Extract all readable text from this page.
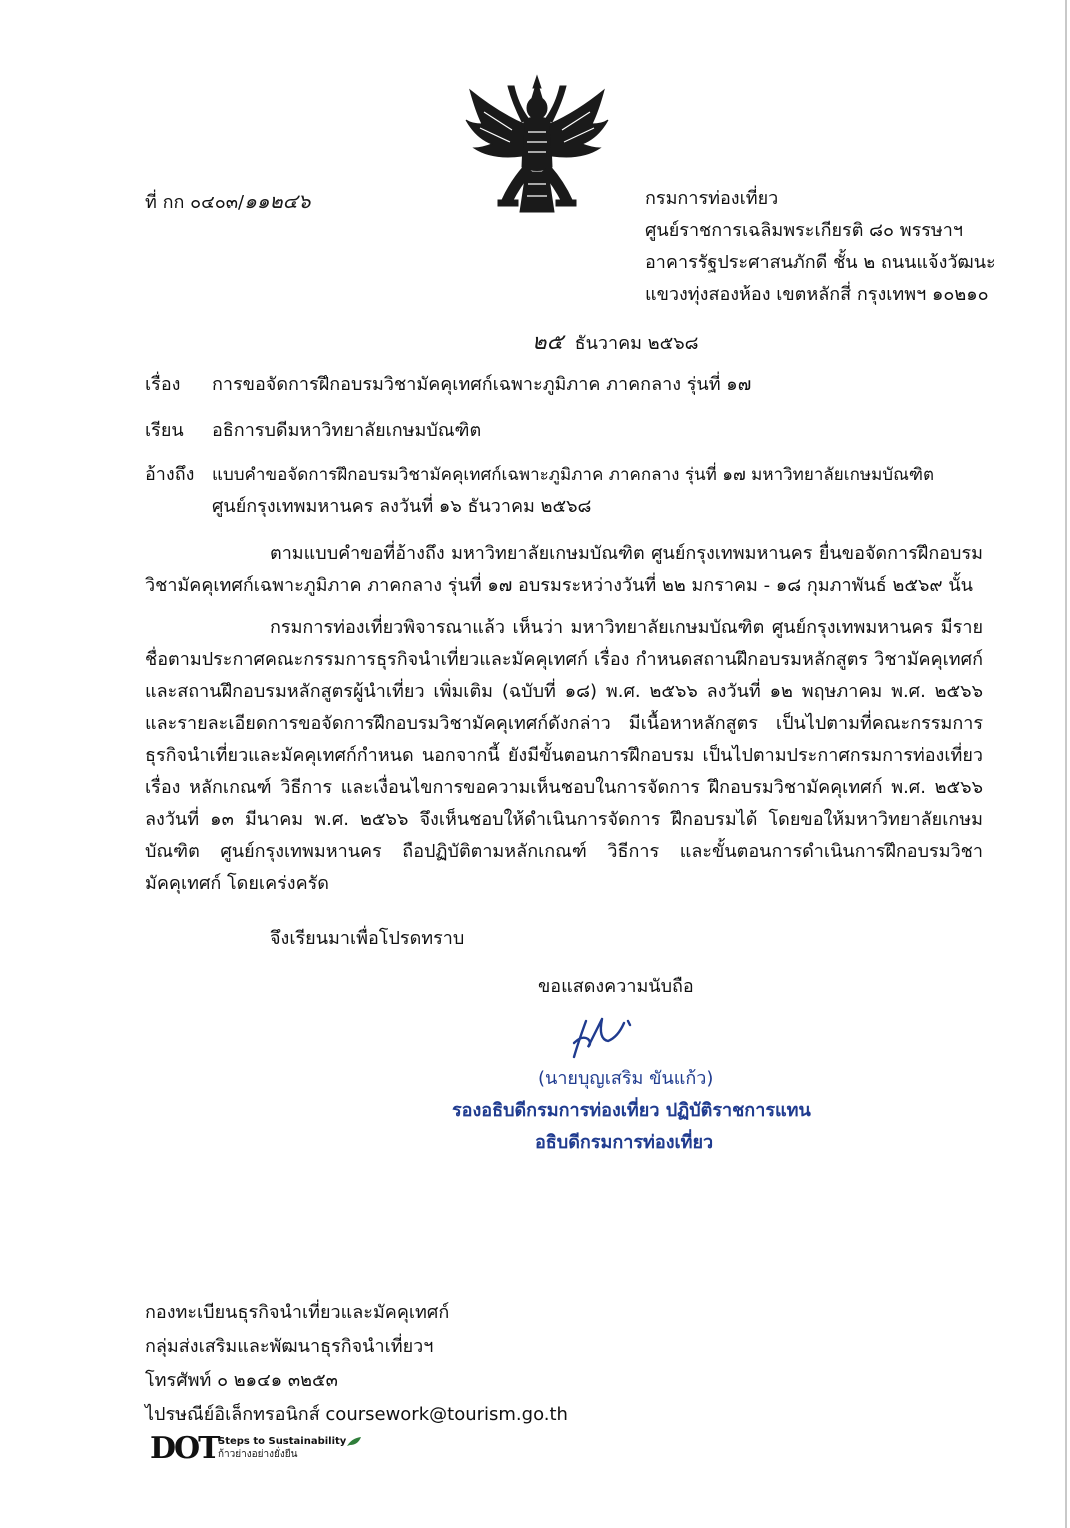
ที่ กก ๐๔๐๓/๑๑๒๔๖	กรมการท่องเที่ยว
ศูนย์ราชการเฉลิมพระเกียรติ ๘๐ พรรษาฯ
อาคารรัฐประศาสนภักดี ชั้น ๒ ถนนแจ้งวัฒนะ
แขวงทุ่งสองห้อง เขตหลักสี่ กรุงเทพฯ ๑๐๒๑๐
๒๕ ธันวาคม ๒๕๖๘
เรื่อง การขอจัดการฝึกอบรมวิชามัคคุเทศก์เฉพาะภูมิภาค ภาคกลาง รุ่นที่ ๑๗
เรียน อธิการบดีมหาวิทยาลัยเกษมบัณฑิต
อ้างถึง แบบคำขอจัดการฝึกอบรมวิชามัคคุเทศก์เฉพาะภูมิภาค ภาคกลาง รุ่นที่ ๑๗ มหาวิทยาลัยเกษมบัณฑิต
ศูนย์กรุงเทพมหานคร ลงวันที่ ๑๖ ธันวาคม ๒๕๖๘
ตามแบบคำขอที่อ้างถึง มหาวิทยาลัยเกษมบัณฑิต ศูนย์กรุงเทพมหานคร ยื่นขอจัดการฝึกอบรม วิชามัคคุเทศก์เฉพาะภูมิภาค ภาคกลาง รุ่นที่ ๑๗ อบรมระหว่างวันที่ ๒๒ มกราคม - ๑๘ กุมภาพันธ์ ๒๕๖๙ นั้น
กรมการท่องเที่ยวพิจารณาแล้ว เห็นว่า มหาวิทยาลัยเกษมบัณฑิต ศูนย์กรุงเทพมหานคร มีรายชื่อตามประกาศคณะกรรมการธุรกิจนำเที่ยวและมัคคุเทศก์ เรื่อง กำหนดสถานฝึกอบรมหลักสูตร วิชามัคคุเทศก์และสถานฝึกอบรมหลักสูตรผู้นำเที่ยว เพิ่มเติม (ฉบับที่ ๑๘) พ.ศ. ๒๕๖๖ ลงวันที่ ๑๒ พฤษภาคม พ.ศ. ๒๕๖๖ และรายละเอียดการขอจัดการฝึกอบรมวิชามัคคุเทศก์ดังกล่าว มีเนื้อหาหลักสูตร เป็นไปตามที่คณะกรรมการธุรกิจนำเที่ยวและมัคคุเทศก์กำหนด นอกจากนี้ ยังมีขั้นตอนการฝึกอบรม เป็นไปตามประกาศกรมการท่องเที่ยว เรื่อง หลักเกณฑ์ วิธีการ และเงื่อนไขการขอความเห็นชอบในการจัดการ ฝึกอบรมวิชามัคคุเทศก์ พ.ศ. ๒๕๖๖ ลงวันที่ ๑๓ มีนาคม พ.ศ. ๒๕๖๖ จึงเห็นชอบให้ดำเนินการจัดการ ฝึกอบรมได้ โดยขอให้มหาวิทยาลัยเกษมบัณฑิต ศูนย์กรุงเทพมหานคร ถือปฏิบัติตามหลักเกณฑ์ วิธีการ และขั้นตอนการดำเนินการฝึกอบรมวิชามัคคุเทศก์ โดยเคร่งครัด
จึงเรียนมาเพื่อโปรดทราบ
ขอแสดงความนับถือ
(นายบุญเสริม ขันแก้ว)
รองอธิบดีกรมการท่องเที่ยว ปฏิบัติราชการแทน
อธิบดีกรมการท่องเที่ยว
กองทะเบียนธุรกิจนำเที่ยวและมัคคุเทศก์
กลุ่มส่งเสริมและพัฒนาธุรกิจนำเที่ยวฯ
โทรศัพท์ ๐ ๒๑๔๑ ๓๒๕๓
ไปรษณีย์อิเล็กทรอนิกส์ coursework@tourism.go.th
DOT Steps to Sustainability
ก้าวย่างอย่างยั่งยืน
